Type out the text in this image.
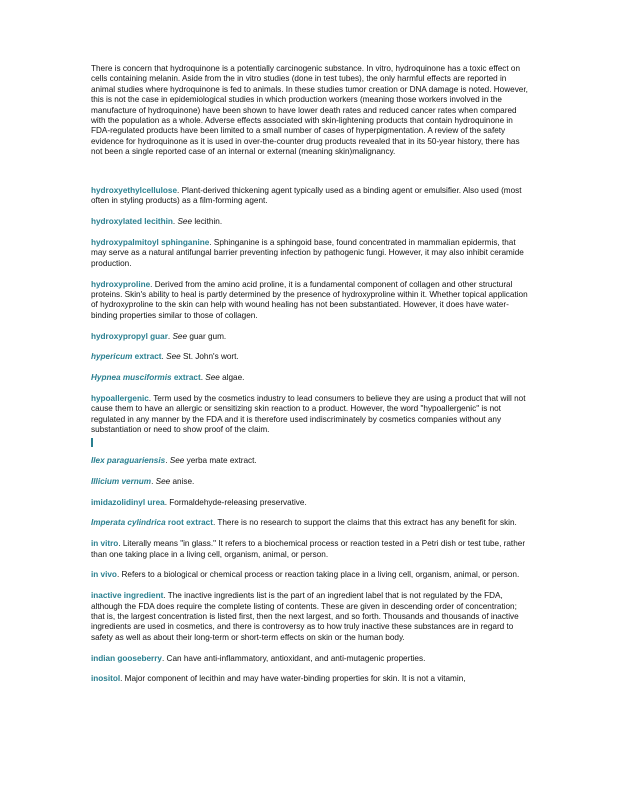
There is concern that hydroquinone is a potentially carcinogenic substance. In vitro, hydroquinone has a toxic effect on cells containing melanin. Aside from the in vitro studies (done in test tubes), the only harmful effects are reported in animal studies where hydroquinone is fed to animals. In these studies tumor creation or DNA damage is noted. However, this is not the case in epidemiological studies in which production workers (meaning those workers involved in the manufacture of hydroquinone) have been shown to have lower death rates and reduced cancer rates when compared with the population as a whole. Adverse effects associated with skin-lightening products that contain hydroquinone in FDA-regulated products have been limited to a small number of cases of hyperpigmentation. A review of the safety evidence for hydroquinone as it is used in over-the-counter drug products revealed that in its 50-year history, there has not been a single reported case of an internal or external (meaning skin)malignancy.
hydroxyethylcellulose. Plant-derived thickening agent typically used as a binding agent or emulsifier. Also used (most often in styling products) as a film-forming agent.
hydroxylated lecithin. See lecithin.
hydroxypalmitoyl sphinganine. Sphinganine is a sphingoid base, found concentrated in mammalian epidermis, that may serve as a natural antifungal barrier preventing infection by pathogenic fungi. However, it may also inhibit ceramide production.
hydroxyproline. Derived from the amino acid proline, it is a fundamental component of collagen and other structural proteins. Skin's ability to heal is partly determined by the presence of hydroxyproline within it. Whether topical application of hydroxyproline to the skin can help with wound healing has not been substantiated. However, it does have water-binding properties similar to those of collagen.
hydroxypropyl guar. See guar gum.
hypericum extract. See St. John's wort.
Hypnea musciformis extract. See algae.
hypoallergenic. Term used by the cosmetics industry to lead consumers to believe they are using a product that will not cause them to have an allergic or sensitizing skin reaction to a product. However, the word "hypoallergenic" is not regulated in any manner by the FDA and it is therefore used indiscriminately by cosmetics companies without any substantiation or need to show proof of the claim.
Ilex paraguariensis. See yerba mate extract.
Illicium vernum. See anise.
imidazolidinyl urea. Formaldehyde-releasing preservative.
Imperata cylindrica root extract. There is no research to support the claims that this extract has any benefit for skin.
in vitro. Literally means "in glass." It refers to a biochemical process or reaction tested in a Petri dish or test tube, rather than one taking place in a living cell, organism, animal, or person.
in vivo. Refers to a biological or chemical process or reaction taking place in a living cell, organism, animal, or person.
inactive ingredient. The inactive ingredients list is the part of an ingredient label that is not regulated by the FDA, although the FDA does require the complete listing of contents. These are given in descending order of concentration; that is, the largest concentration is listed first, then the next largest, and so forth. Thousands and thousands of inactive ingredients are used in cosmetics, and there is controversy as to how truly inactive these substances are in regard to safety as well as about their long-term or short-term effects on skin or the human body.
indian gooseberry. Can have anti-inflammatory, antioxidant, and anti-mutagenic properties.
inositol. Major component of lecithin and may have water-binding properties for skin. It is not a vitamin,
